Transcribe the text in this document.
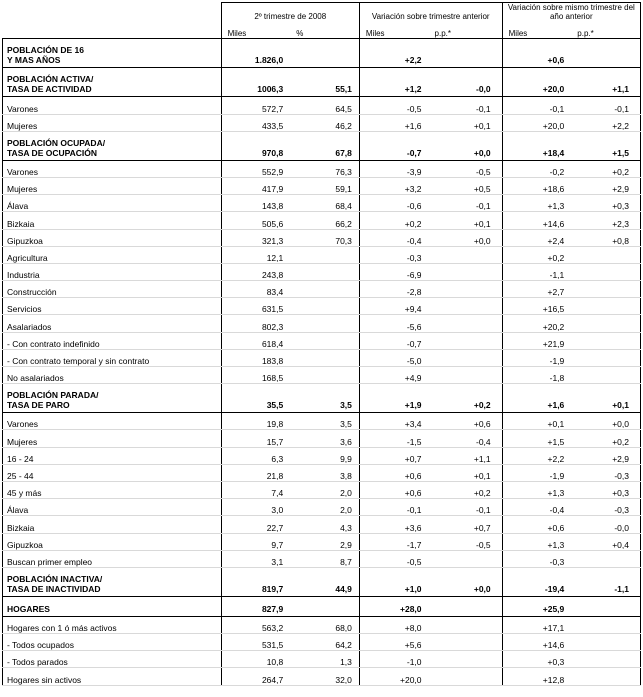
	2º trimestre de 2008		Variación sobre trimestre anterior		Variación sobre mismo trimestre del año anterior	
	Miles	%	Miles	p.p.*	Miles	p.p.*
POBLACIÓN DE 16
Y MAS AÑOS	1.826,0		+2,2		+0,6	
POBLACIÓN ACTIVA/
TASA DE ACTIVIDAD	1006,3	55,1	+1,2	-0,0	+20,0	+1,1
Varones	572,7	64,5	-0,5	-0,1	-0,1	-0,1
Mujeres	433,5	46,2	+1,6	+0,1	+20,0	+2,2
POBLACIÓN OCUPADA/
TASA DE OCUPACIÓN	970,8	67,8	-0,7	+0,0	+18,4	+1,5
Varones	552,9	76,3	-3,9	-0,5	-0,2	+0,2
Mujeres	417,9	59,1	+3,2	+0,5	+18,6	+2,9
Álava	143,8	68,4	-0,6	-0,1	+1,3	+0,3
Bizkaia	505,6	66,2	+0,2	+0,1	+14,6	+2,3
Gipuzkoa	321,3	70,3	-0,4	+0,0	+2,4	+0,8
Agricultura	12,1		-0,3		+0,2	
Industria	243,8		-6,9		-1,1	
Construcción	83,4		-2,8		+2,7	
Servicios	631,5		+9,4		+16,5	
Asalariados	802,3		-5,6		+20,2	
- Con contrato indefinido	618,4		-0,7		+21,9	
- Con contrato temporal y sin contrato	183,8		-5,0		-1,9	
No asalariados	168,5		+4,9		-1,8	
POBLACIÓN PARADA/
TASA DE PARO	35,5	3,5	+1,9	+0,2	+1,6	+0,1
Varones	19,8	3,5	+3,4	+0,6	+0,1	+0,0
Mujeres	15,7	3,6	-1,5	-0,4	+1,5	+0,2
16 - 24	6,3	9,9	+0,7	+1,1	+2,2	+2,9
25 - 44	21,8	3,8	+0,6	+0,1	-1,9	-0,3
45 y más	7,4	2,0	+0,6	+0,2	+1,3	+0,3
Álava	3,0	2,0	-0,1	-0,1	-0,4	-0,3
Bizkaia	22,7	4,3	+3,6	+0,7	+0,6	-0,0
Gipuzkoa	9,7	2,9	-1,7	-0,5	+1,3	+0,4
Buscan primer empleo	3,1	8,7	-0,5		-0,3	
POBLACIÓN INACTIVA/
TASA DE INACTIVIDAD	819,7	44,9	+1,0	+0,0	-19,4	-1,1
HOGARES	827,9		+28,0		+25,9	
Hogares con 1 ó más activos	563,2	68,0	+8,0		+17,1	
- Todos ocupados	531,5	64,2	+5,6		+14,6	
- Todos parados	10,8	1,3	-1,0		+0,3	
Hogares sin activos	264,7	32,0	+20,0		+12,8	
